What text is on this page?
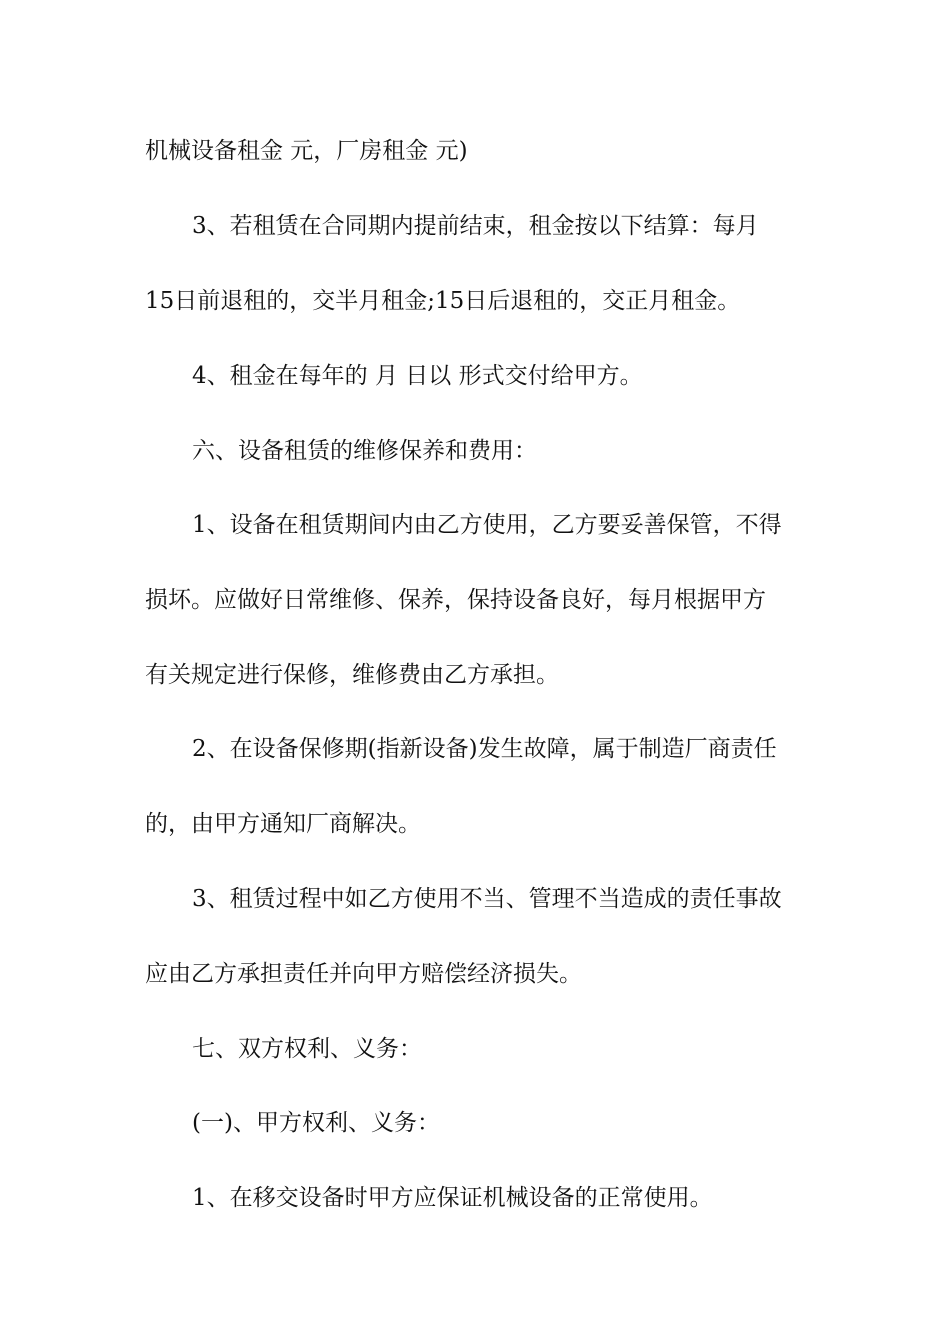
机械设备租金 元，厂房租金 元)

3、若租赁在合同期内提前结束，租金按以下结算：每月

15日前退租的，交半月租金;15日后退租的，交正月租金。

4、租金在每年的 月 日以 形式交付给甲方。

六、设备租赁的维修保养和费用：

1、设备在租赁期间内由乙方使用，乙方要妥善保管，不得

损坏。应做好日常维修、保养，保持设备良好，每月根据甲方

有关规定进行保修，维修费由乙方承担。

2、在设备保修期(指新设备)发生故障，属于制造厂商责任

的，由甲方通知厂商解决。

3、租赁过程中如乙方使用不当、管理不当造成的责任事故

应由乙方承担责任并向甲方赔偿经济损失。

七、双方权利、义务：

(一)、甲方权利、义务：

1、在移交设备时甲方应保证机械设备的正常使用。
